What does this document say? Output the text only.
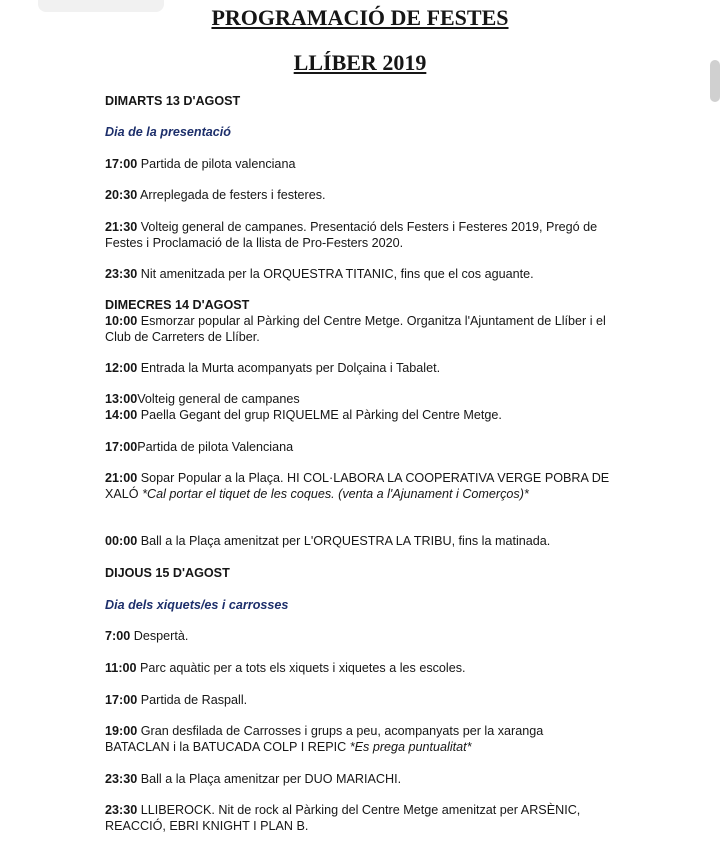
PROGRAMACIÓ DE FESTES
LLÍBER 2019
DIMARTS 13 D'AGOST
Dia de la presentació
17:00 Partida de pilota valenciana
20:30 Arreplegada de festers i festeres.
21:30 Volteig general de campanes. Presentació dels Festers i Festeres 2019, Pregó de Festes i Proclamació de la llista de Pro-Festers 2020.
23:30 Nit amenitzada per la ORQUESTRA TITANIC, fins que el cos aguante.
DIMECRES 14 D'AGOST
10:00 Esmorzar popular al Pàrking del Centre Metge. Organitza l'Ajuntament de Llíber i el Club de Carreters de Llíber.
12:00 Entrada la Murta acompanyats per Dolçaina i Tabalet.
13:00Volteig general de campanes
14:00 Paella Gegant del grup RIQUELME al Pàrking del Centre Metge.
17:00Partida de pilota Valenciana
21:00 Sopar Popular a la Plaça. HI COL·LABORA LA COOPERATIVA VERGE POBRA DE XALÓ *Cal portar el tiquet de les coques. (venta a l'Ajunament i Comerços)*
00:00 Ball a la Plaça amenitzat per L'ORQUESTRA LA TRIBU, fins la matinada.
DIJOUS 15 D'AGOST
Dia dels xiquets/es i carrosses
7:00 Despertà.
11:00 Parc aquàtic per a tots els xiquets i xiquetes a les escoles.
17:00 Partida de Raspall.
19:00 Gran desfilada de Carrosses i grups a peu, acompanyats per la xaranga BATACLAN i la BATUCADA COLP I REPIC *Es prega puntualitat*
23:30 Ball a la Plaça amenitzar per DUO MARIACHI.
23:30 LLIBEROCK. Nit de rock al Pàrking del Centre Metge amenitzat per ARSÈNIC, REACCIÓ, EBRI KNIGHT I PLAN B.
